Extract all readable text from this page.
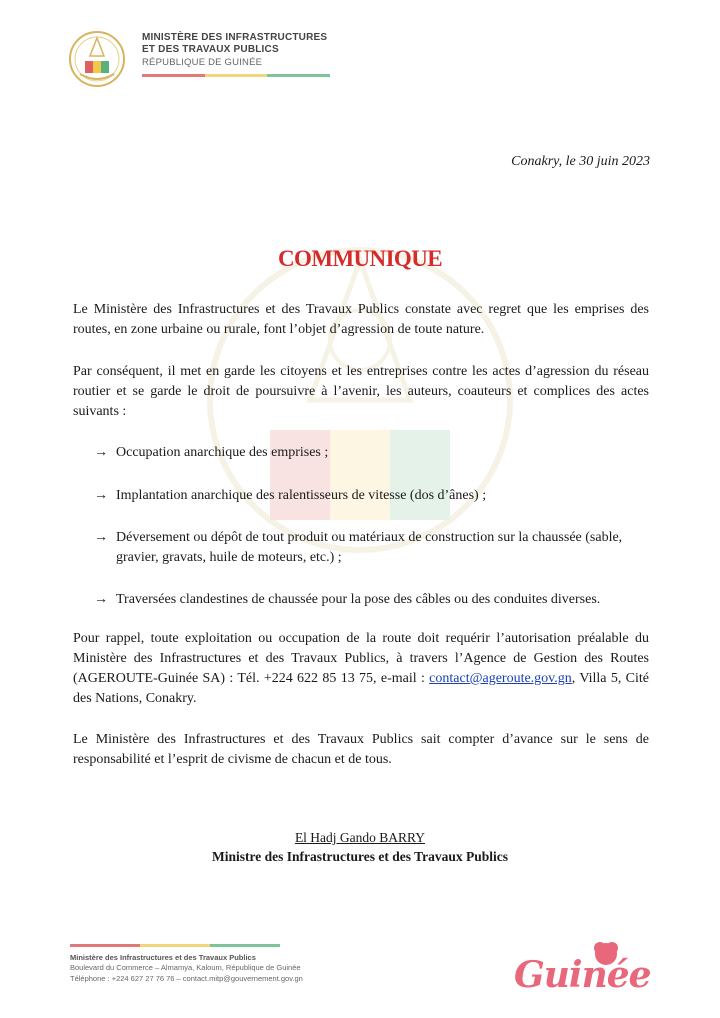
MINISTÈRE DES INFRASTRUCTURES
ET DES TRAVAUX PUBLICS
RÉPUBLIQUE DE GUINÉE
Conakry, le 30 juin 2023
COMMUNIQUE

Le Ministère des Infrastructures et des Travaux Publics constate avec regret que les emprises des routes, en zone urbaine ou rurale, font l’objet d’agression de toute nature.

Par conséquent, il met en garde les citoyens et les entreprises contre les actes d’agression du réseau routier et se garde le droit de poursuivre à l’avenir, les auteurs, coauteurs et complices des actes suivants :

→ Occupation anarchique des emprises ;
→ Implantation anarchique des ralentisseurs de vitesse (dos d’ânes) ;
→ Déversement ou dépôt de tout produit ou matériaux de construction sur la chaussée (sable, gravier, gravats, huile de moteurs, etc.) ;
→ Traversées clandestines de chaussée pour la pose des câbles ou des conduites diverses.

Pour rappel, toute exploitation ou occupation de la route doit requérir l’autorisation préalable du Ministère des Infrastructures et des Travaux Publics, à travers l’Agence de Gestion des Routes (AGEROUTE-Guinée SA) : Tél. +224 622 85 13 75, e-mail : contact@ageroute.gov.gn, Villa 5, Cité des Nations, Conakry.

Le Ministère des Infrastructures et des Travaux Publics sait compter d’avance sur le sens de responsabilité et l’esprit de civisme de chacun et de tous.

El Hadj Gando BARRY
Ministre des Infrastructures et des Travaux Publics
Ministère des Infrastructures et des Travaux Publics
Boulevard du Commerce – Almamya, Kaloum, République de Guinée
Téléphone : +224 627 27 76 76 – contact.mitp@gouvernement.gov.gn	Guinée
